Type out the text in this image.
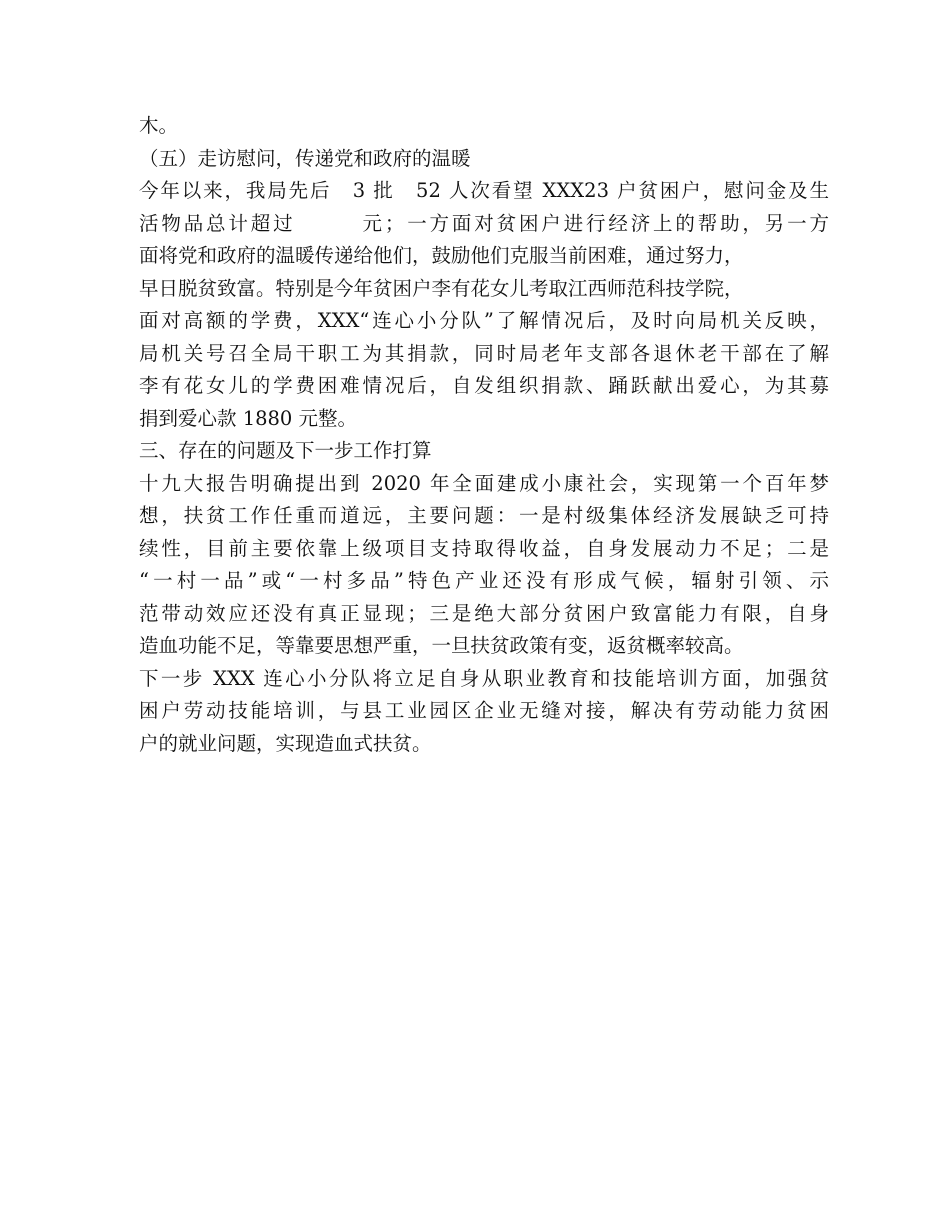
木。
（五）走访慰问，传递党和政府的温暖
今年以来，我局先后　3 批　52 人次看望 XXX23 户贫困户，慰问金及生
活物品总计超过　　　元；一方面对贫困户进行经济上的帮助，另一方
面将党和政府的温暖传递给他们，鼓励他们克服当前困难，通过努力，
早日脱贫致富。特别是今年贫困户李有花女儿考取江西师范科技学院，
面对高额的学费，XXX“连心小分队”了解情况后，及时向局机关反映，
局机关号召全局干职工为其捐款，同时局老年支部各退休老干部在了解
李有花女儿的学费困难情况后，自发组织捐款、踊跃献出爱心，为其募
捐到爱心款 1880 元整。
三、存在的问题及下一步工作打算
十九大报告明确提出到 2020 年全面建成小康社会，实现第一个百年梦
想，扶贫工作任重而道远，主要问题：一是村级集体经济发展缺乏可持
续性，目前主要依靠上级项目支持取得收益，自身发展动力不足；二是
“一村一品”或“一村多品”特色产业还没有形成气候，辐射引领、示
范带动效应还没有真正显现；三是绝大部分贫困户致富能力有限，自身
造血功能不足，等靠要思想严重，一旦扶贫政策有变，返贫概率较高。
下一步 XXX 连心小分队将立足自身从职业教育和技能培训方面，加强贫
困户劳动技能培训，与县工业园区企业无缝对接，解决有劳动能力贫困
户的就业问题，实现造血式扶贫。
